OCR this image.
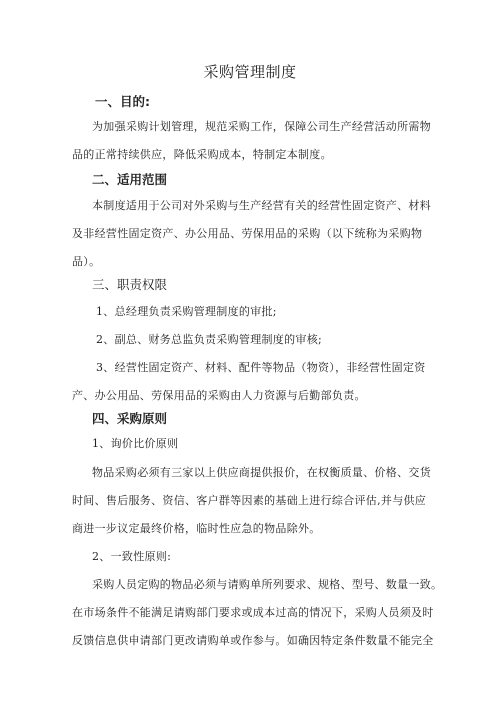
采购管理制度
一、目的:
为加强采购计划管理，规范采购工作，保障公司生产经营活动所需物
品的正常持续供应，降低采购成本，特制定本制度。
二、适用范围
本制度适用于公司对外采购与生产经营有关的经营性固定资产、材料
及非经营性固定资产、办公用品、劳保用品的采购（以下统称为采购物
品）。
三、职责权限
1、总经理负责采购管理制度的审批;
2、副总、财务总监负责采购管理制度的审核;
3、经营性固定资产、材料、配件等物品（物资），非经营性固定资
产、办公用品、劳保用品的采购由人力资源与后勤部负责。
四、采购原则
1、询价比价原则
物品采购必须有三家以上供应商提供报价，在权衡质量、价格、交货
时间、售后服务、资信、客户群等因素的基础上进行综合评估,并与供应
商进一步议定最终价格，临时性应急的物品除外。
2、一致性原则:
采购人员定购的物品必须与请购单所列要求、规格、型号、数量一致。
在市场条件不能满足请购部门要求或成本过高的情况下，采购人员须及时
反馈信息供申请部门更改请购单或作参与。如确因特定条件数量不能完全
